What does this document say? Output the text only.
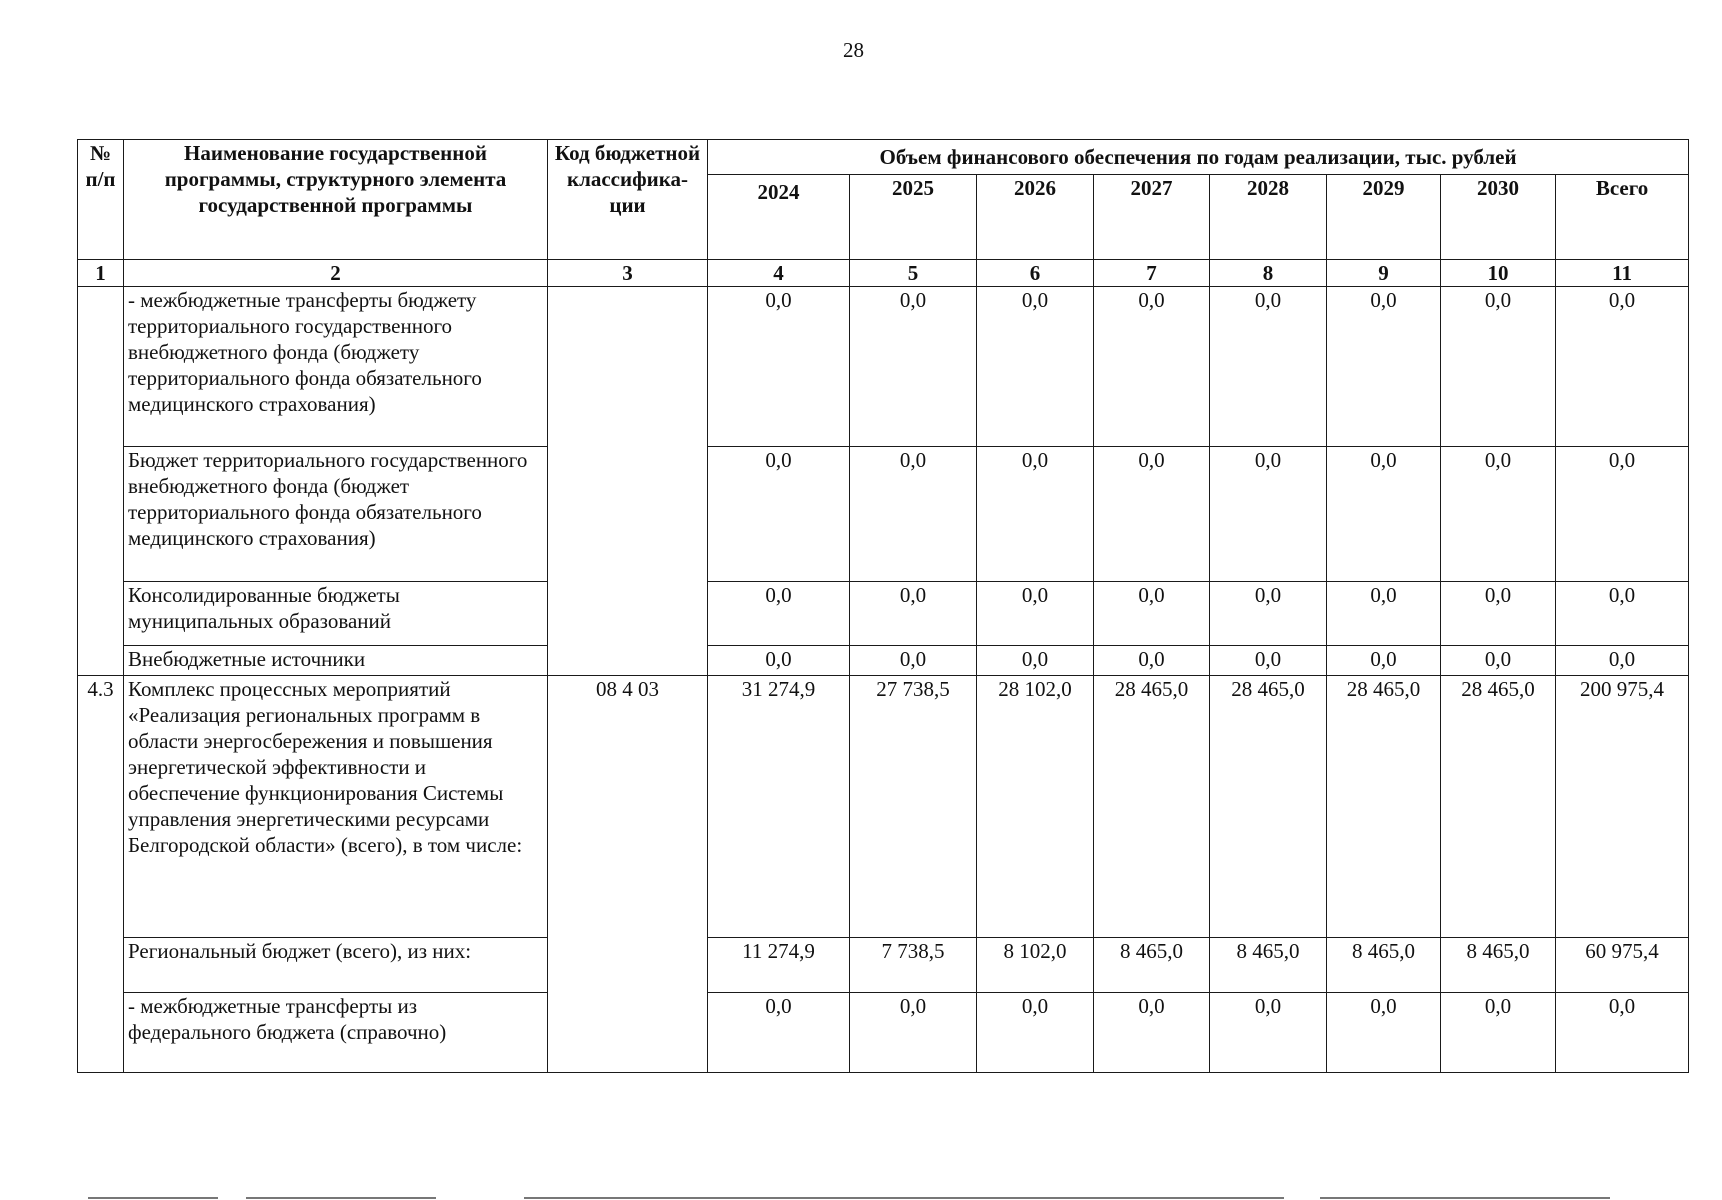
28
№ п/п	Наименование государственной программы, структурного элемента государственной программы	Код бюджетной классифика- ции	Объем финансового обеспечения по годам реализации, тыс. рублей							
			2024	2025	2026	2027	2028	2029	2030	Всего
1	2	3	4	5	6	7	8	9	10	11
	- межбюджетные трансферты бюджету территориального государственного внебюджетного фонда (бюджету территориального фонда обязательного медицинского страхования)		0,0	0,0	0,0	0,0	0,0	0,0	0,0	0,0
	Бюджет территориального государственного внебюджетного фонда (бюджет территориального фонда обязательного медицинского страхования)		0,0	0,0	0,0	0,0	0,0	0,0	0,0	0,0
	Консолидированные бюджеты муниципальных образований		0,0	0,0	0,0	0,0	0,0	0,0	0,0	0,0
	Внебюджетные источники		0,0	0,0	0,0	0,0	0,0	0,0	0,0	0,0
4.3	Комплекс процессных мероприятий «Реализация региональных программ в области энергосбережения и повышения энергетической эффективности и обеспечение функционирования Системы управления энергетическими ресурсами Белгородской области» (всего), в том числе:	08 4 03	31 274,9	27 738,5	28 102,0	28 465,0	28 465,0	28 465,0	28 465,0	200 975,4
	Региональный бюджет (всего), из них:		11 274,9	7 738,5	8 102,0	8 465,0	8 465,0	8 465,0	8 465,0	60 975,4
	- межбюджетные трансферты из федерального бюджета (справочно)		0,0	0,0	0,0	0,0	0,0	0,0	0,0	0,0
